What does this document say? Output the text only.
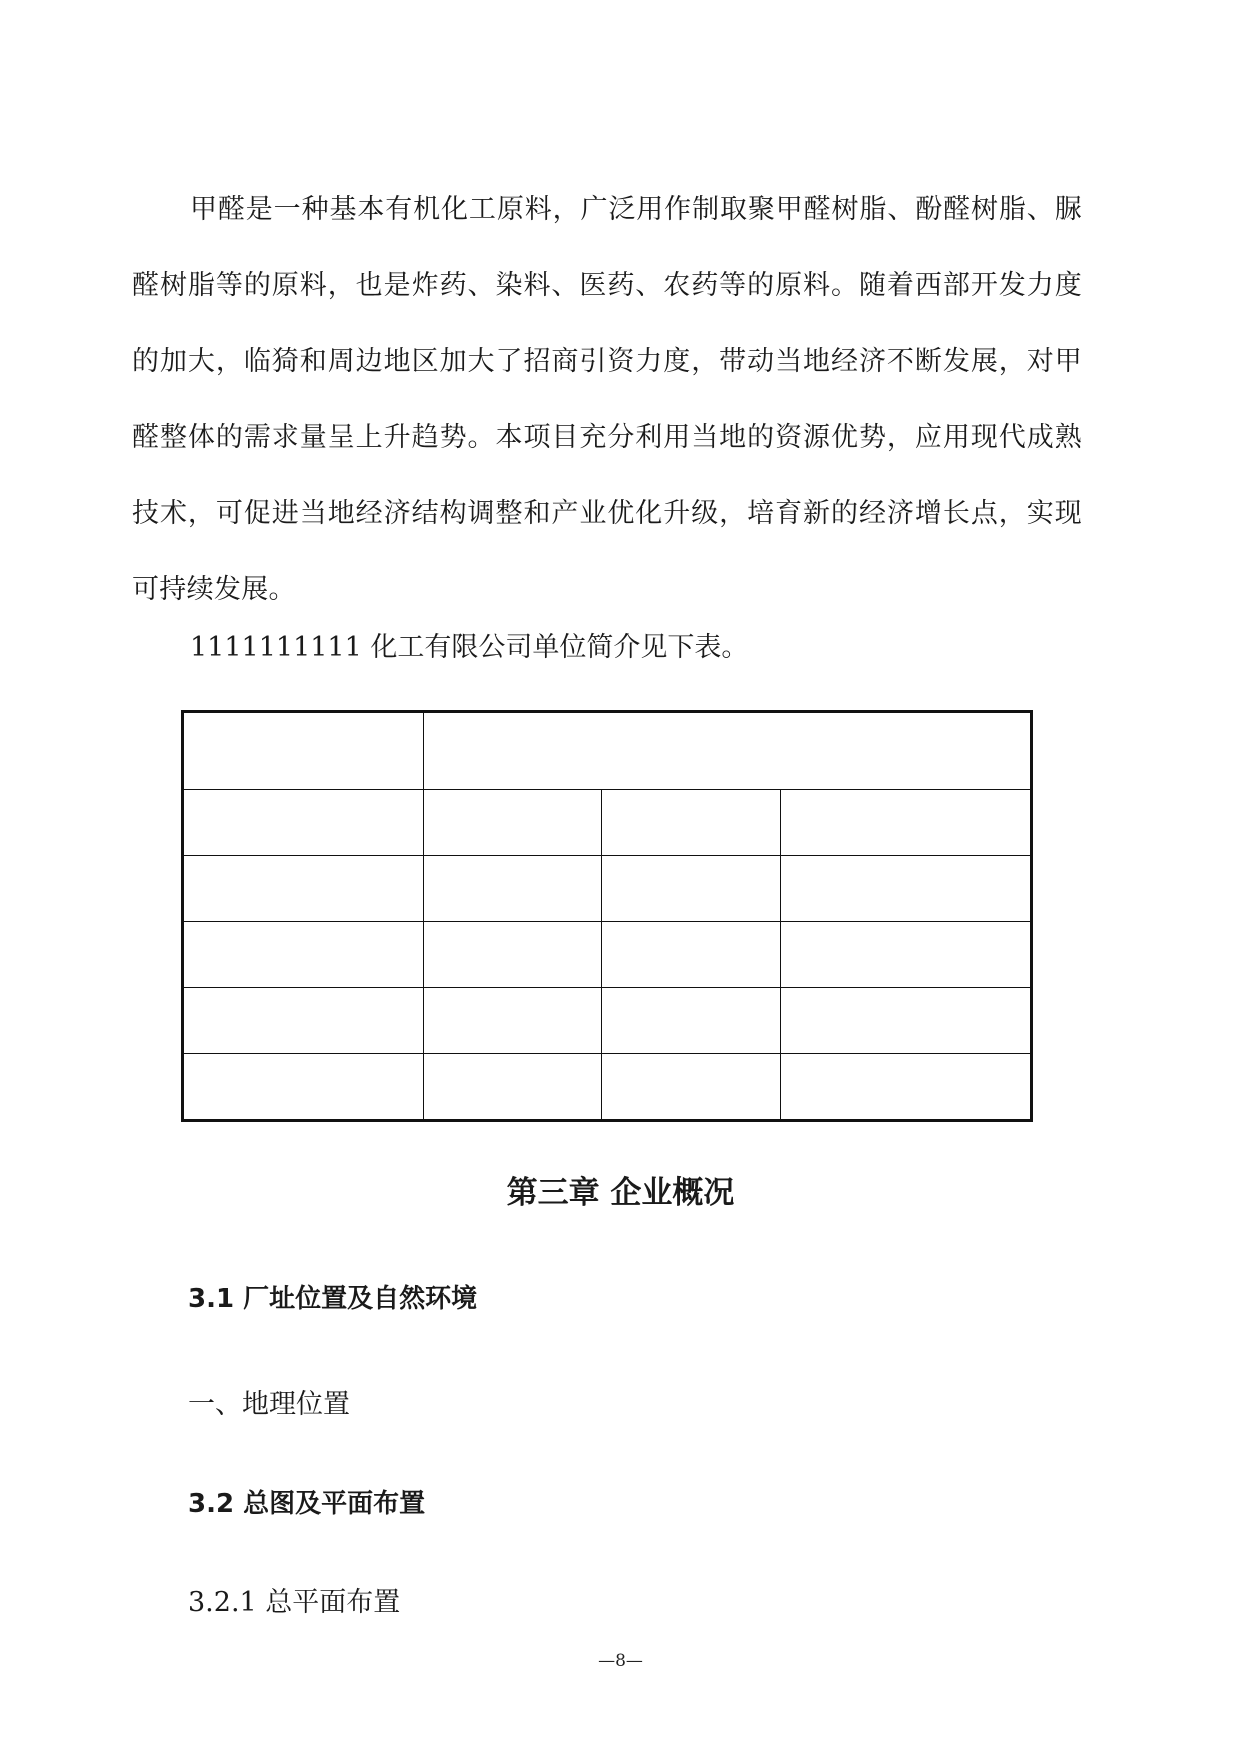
甲醛是一种基本有机化工原料，广泛用作制取聚甲醛树脂、酚醛树脂、脲醛树脂等的原料，也是炸药、染料、医药、农药等的原料。随着西部开发力度的加大，临猗和周边地区加大了招商引资力度，带动当地经济不断发展，对甲醛整体的需求量呈上升趋势。本项目充分利用当地的资源优势，应用现代成熟技术，可促进当地经济结构调整和产业优化升级，培育新的经济增长点，实现可持续发展。

1111111111 化工有限公司单位简介见下表。

第三章 企业概况
3.1 厂址位置及自然环境

一、地理位置

3.2 总图及平面布置

3.2.1 总平面布置

—8—
